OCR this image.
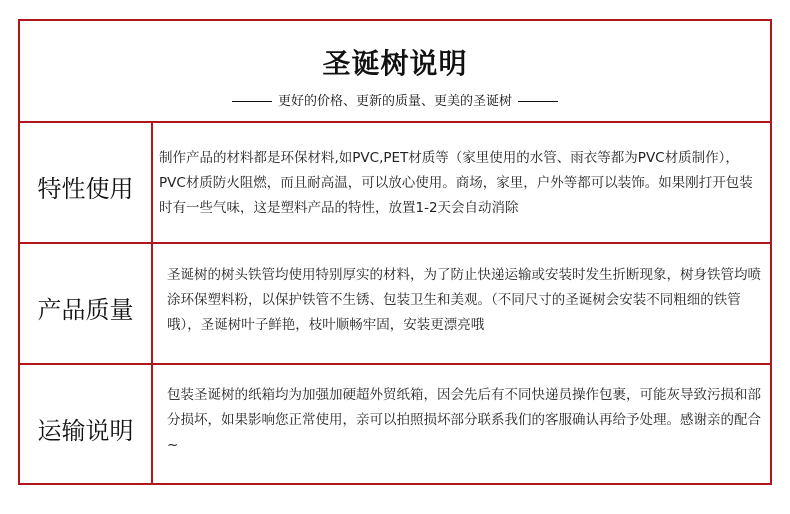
圣诞树说明
更好的价格、更新的质量、更美的圣诞树
特性使用
制作产品的材料都是环保材料,如PVC,PET材质等（家里使用的水管、雨衣等都为PVC材质制作），PVC材质防火阻燃，而且耐高温，可以放心使用。商场，家里，户外等都可以装饰。如果刚打开包装时有一些气味，这是塑料产品的特性，放置1-2天会自动消除
产品质量
圣诞树的树头铁管均使用特别厚实的材料，为了防止快递运输或安装时发生折断现象，树身铁管均喷涂环保塑料粉，以保护铁管不生锈、包装卫生和美观。（不同尺寸的圣诞树会安装不同粗细的铁管哦），圣诞树叶子鲜艳，枝叶顺畅牢固，安装更漂亮哦
运输说明
包装圣诞树的纸箱均为加强加硬超外贸纸箱，因会先后有不同快递员操作包裹，可能灰导致污损和部分损坏，如果影响您正常使用，亲可以拍照损坏部分联系我们的客服确认再给予处理。感谢亲的配合~
